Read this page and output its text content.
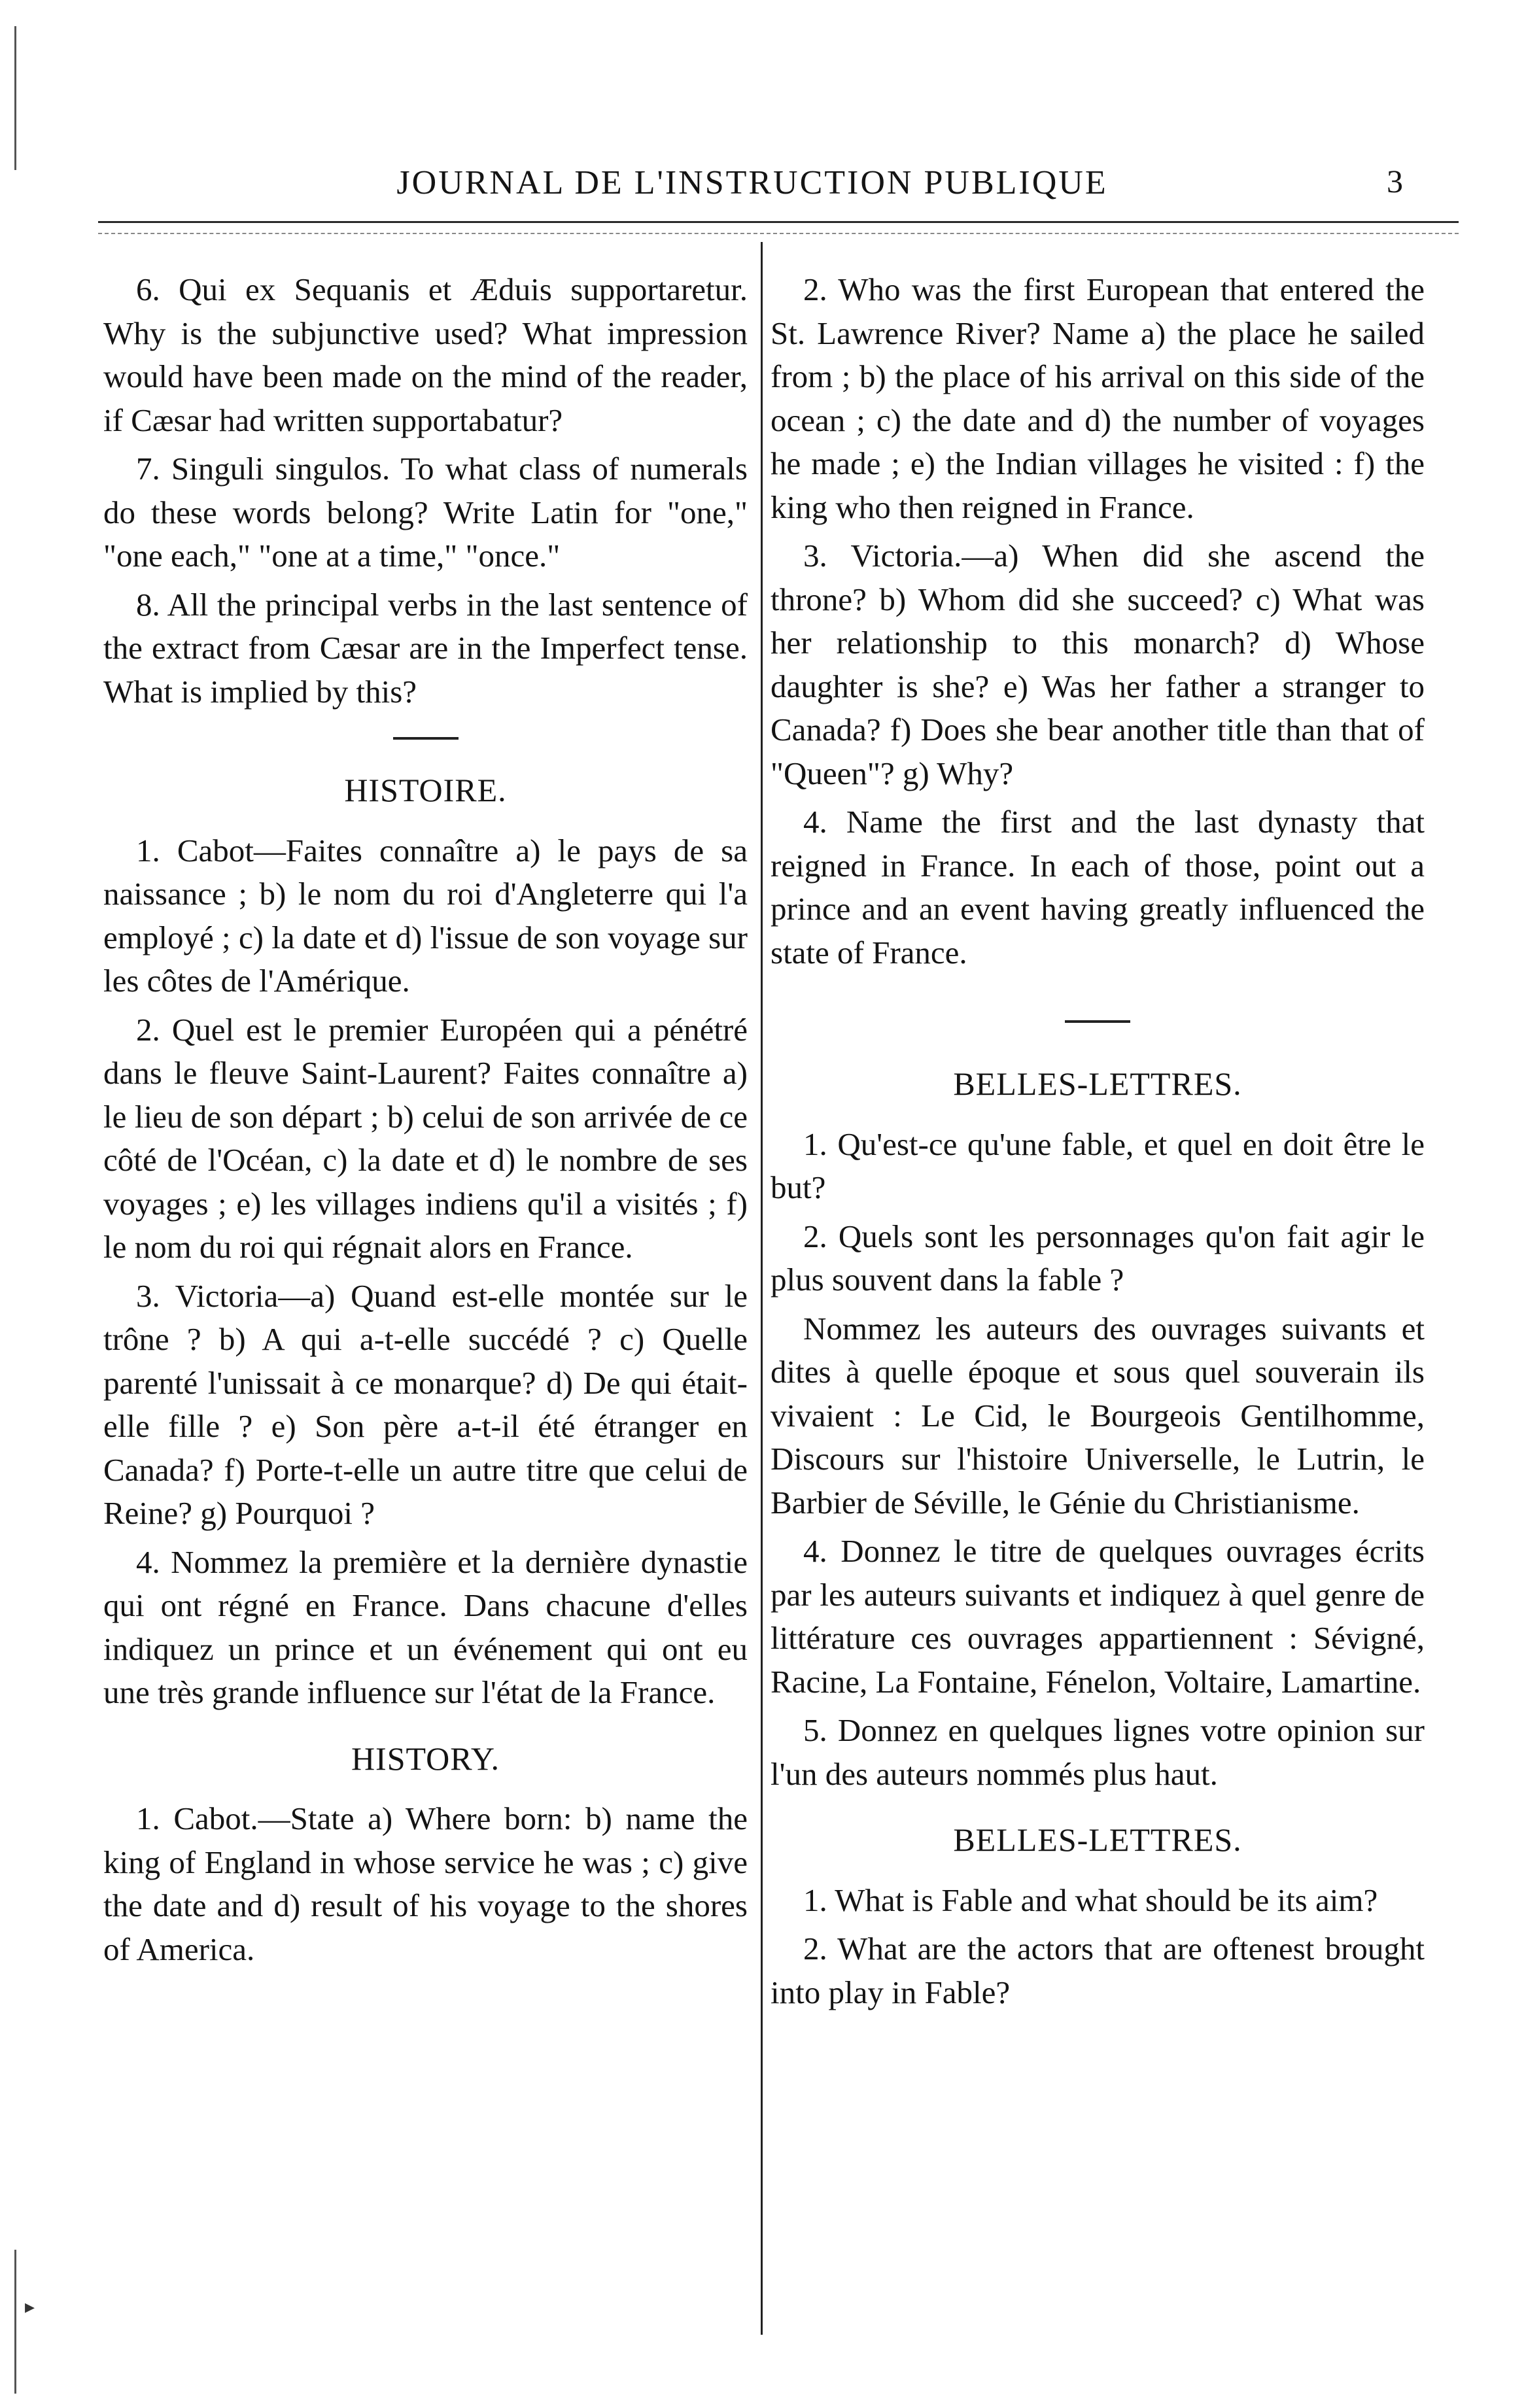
▸
JOURNAL DE L'INSTRUCTION PUBLIQUE	3

6. Qui ex Sequanis et Æduis supportaretur. Why is the subjunctive used? What impression would have been made on the mind of the reader, if Cæsar had written supportabatur?

7. Singuli singulos. To what class of numerals do these words belong? Write Latin for "one," "one each," "one at a time," "once."

8. All the principal verbs in the last sentence of the extract from Cæsar are in the Imperfect tense. What is implied by this?

HISTOIRE.

1. Cabot—Faites connaître a) le pays de sa naissance ; b) le nom du roi d'Angleterre qui l'a employé ; c) la date et d) l'issue de son voyage sur les côtes de l'Amérique.

2. Quel est le premier Européen qui a pénétré dans le fleuve Saint-Laurent? Faites connaître a) le lieu de son départ ; b) celui de son arrivée de ce côté de l'Océan, c) la date et d) le nombre de ses voyages ; e) les villages indiens qu'il a visités ; f) le nom du roi qui régnait alors en France.

3. Victoria—a) Quand est-elle montée sur le trône ? b) A qui a-t-elle succédé ? c) Quelle parenté l'unissait à ce monarque? d) De qui était-elle fille ? e) Son père a-t-il été étranger en Canada? f) Porte-t-elle un autre titre que celui de Reine? g) Pourquoi ?

4. Nommez la première et la dernière dynastie qui ont régné en France. Dans chacune d'elles indiquez un prince et un événement qui ont eu une très grande influence sur l'état de la France.

HISTORY.

1. Cabot.—State a) Where born: b) name the king of England in whose service he was ; c) give the date and d) result of his voyage to the shores of America.

2. Who was the first European that entered the St. Lawrence River? Name a) the place he sailed from ; b) the place of his arrival on this side of the ocean ; c) the date and d) the number of voyages he made ; e) the Indian villages he visited : f) the king who then reigned in France.

3. Victoria.—a) When did she ascend the throne? b) Whom did she succeed? c) What was her relationship to this monarch? d) Whose daughter is she? e) Was her father a stranger to Canada? f) Does she bear another title than that of "Queen"? g) Why?

4. Name the first and the last dynasty that reigned in France. In each of those, point out a prince and an event having greatly influenced the state of France.

BELLES-LETTRES.

1. Qu'est-ce qu'une fable, et quel en doit être le but?

2. Quels sont les personnages qu'on fait agir le plus souvent dans la fable ?

Nommez les auteurs des ouvrages suivants et dites à quelle époque et sous quel souverain ils vivaient : Le Cid, le Bourgeois Gentilhomme, Discours sur l'histoire Universelle, le Lutrin, le Barbier de Séville, le Génie du Christianisme.

4. Donnez le titre de quelques ouvrages écrits par les auteurs suivants et indiquez à quel genre de littérature ces ouvrages appartiennent : Sévigné, Racine, La Fontaine, Fénelon, Voltaire, Lamartine.

5. Donnez en quelques lignes votre opinion sur l'un des auteurs nommés plus haut.

BELLES-LETTRES.

1. What is Fable and what should be its aim?

2. What are the actors that are oftenest brought into play in Fable?
